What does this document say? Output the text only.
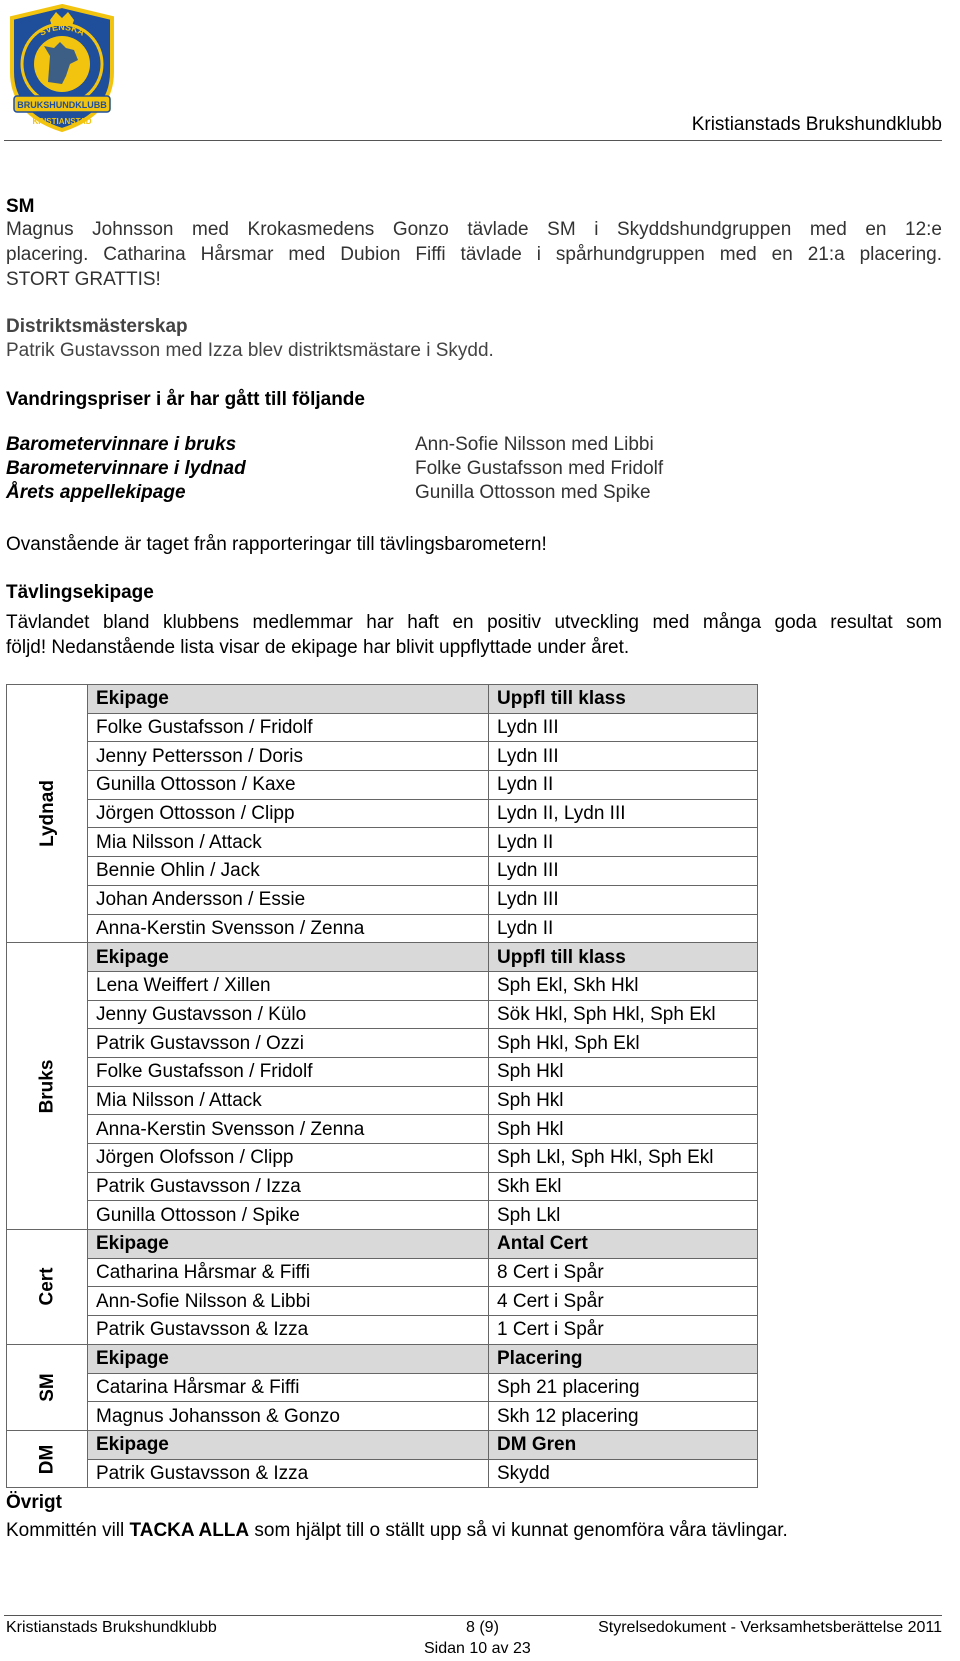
SVENSKA
BRUKSHUNDKLUBB
KRISTIANSTAD	Kristianstads Brukshundklubb
SM
Magnus Johnsson med Krokasmedens Gonzo tävlade SM i Skyddshundgruppen med en 12:e
placering. Catharina Hårsmar med Dubion Fiffi tävlade i spårhundgruppen med en 21:a placering.
STORT GRATTIS!
Distriktsmästerskap
Patrik Gustavsson med Izza blev distriktsmästare i Skydd.
Vandringspriser i år har gått till följande
Barometervinnare i bruks	Ann-Sofie Nilsson med Libbi
Barometervinnare i lydnad	Folke Gustafsson med Fridolf
Årets appellekipage	Gunilla Ottosson med Spike
Ovanstående är taget från rapporteringar till tävlingsbarometern!
Tävlingsekipage
Tävlandet bland klubbens medlemmar har haft en positiv utveckling med många goda resultat som
följd! Nedanstående lista visar de ekipage har blivit uppflyttade under året.
Lydnad	Ekipage	Uppfl till klass
	Folke Gustafsson / Fridolf	Lydn III
	Jenny Pettersson / Doris	Lydn III
	Gunilla Ottosson / Kaxe	Lydn II
	Jörgen Ottosson / Clipp	Lydn II, Lydn III
	Mia Nilsson / Attack	Lydn II
	Bennie Ohlin / Jack	Lydn III
	Johan Andersson / Essie	Lydn III
	Anna-Kerstin Svensson / Zenna	Lydn II
Bruks	Ekipage	Uppfl till klass
	Lena Weiffert / Xillen	Sph Ekl, Skh Hkl
	Jenny Gustavsson / Külo	Sök Hkl, Sph Hkl, Sph Ekl
	Patrik Gustavsson / Ozzi	Sph Hkl, Sph Ekl
	Folke Gustafsson / Fridolf	Sph Hkl
	Mia Nilsson / Attack	Sph Hkl
	Anna-Kerstin Svensson / Zenna	Sph Hkl
	Jörgen Olofsson / Clipp	Sph Lkl, Sph Hkl, Sph Ekl
	Patrik Gustavsson / Izza	Skh Ekl
	Gunilla Ottosson / Spike	Sph Lkl
Cert	Ekipage	Antal Cert
	Catharina Hårsmar & Fiffi	8 Cert i Spår
	Ann-Sofie Nilsson & Libbi	4 Cert i Spår
	Patrik Gustavsson & Izza	1 Cert i Spår
SM	Ekipage	Placering
	Catarina Hårsmar & Fiffi	Sph 21 placering
	Magnus Johansson & Gonzo	Skh 12 placering
DM	Ekipage	DM Gren
	Patrik Gustavsson & Izza	Skydd
Övrigt
Kommittén vill TACKA ALLA som hjälpt till o ställt upp så vi kunnat genomföra våra tävlingar.
Kristianstads Brukshundklubb	8 (9)	Styrelsedokument - Verksamhetsberättelse 2011
Sidan 10 av 23
